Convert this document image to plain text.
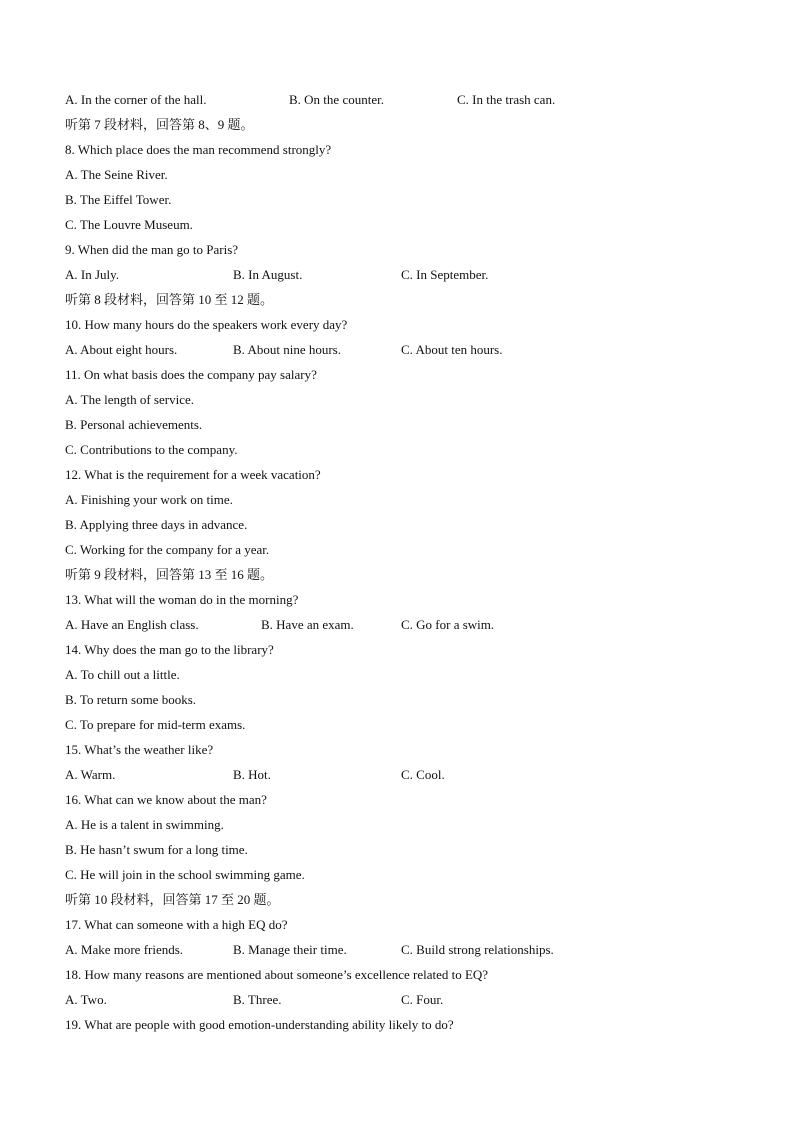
A. In the corner of the hall.	B. On the counter.	C. In the trash can.
听第 7 段材料，回答第 8、9 题。
8. Which place does the man recommend strongly?
A. The Seine River.
B. The Eiffel Tower.
C. The Louvre Museum.
9. When did the man go to Paris?
A. In July.	B. In August.	C. In September.
听第 8 段材料，回答第 10 至 12 题。
10. How many hours do the speakers work every day?
A. About eight hours.	B. About nine hours.	C. About ten hours.
11. On what basis does the company pay salary?
A. The length of service.
B. Personal achievements.
C. Contributions to the company.
12. What is the requirement for a week vacation?
A. Finishing your work on time.
B. Applying three days in advance.
C. Working for the company for a year.
听第 9 段材料，回答第 13 至 16 题。
13. What will the woman do in the morning?
A. Have an English class.	B. Have an exam.	C. Go for a swim.
14. Why does the man go to the library?
A. To chill out a little.
B. To return some books.
C. To prepare for mid-term exams.
15. What’s the weather like?
A. Warm.	B. Hot.	C. Cool.
16. What can we know about the man?
A. He is a talent in swimming.
B. He hasn’t swum for a long time.
C. He will join in the school swimming game.
听第 10 段材料，回答第 17 至 20 题。
17. What can someone with a high EQ do?
A. Make more friends.	B. Manage their time.	C. Build strong relationships.
18. How many reasons are mentioned about someone’s excellence related to EQ?
A. Two.	B. Three.	C. Four.
19. What are people with good emotion-understanding ability likely to do?
